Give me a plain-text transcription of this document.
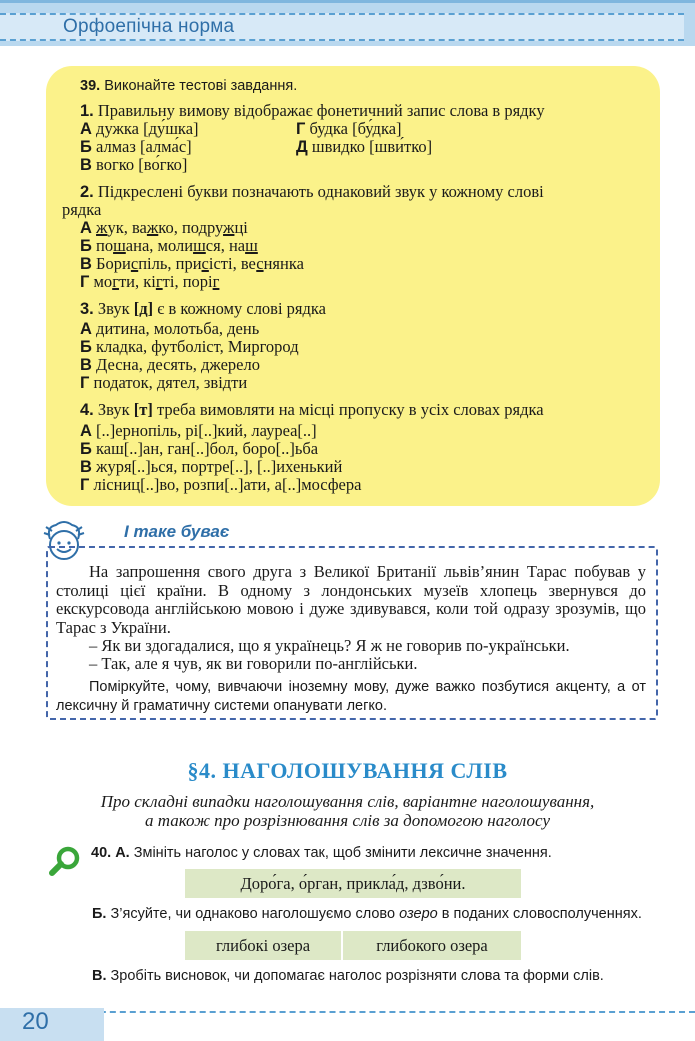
Орфоепічна норма
39. Виконайте тестові завдання.
1. Правильну вимову відображає фонетичний запис слова в рядку
А дужка [ду́шка]	Г будка [бу́дка]
Б алмаз [алма́с]	Д швидко [шви́тко]
В вогко [во́гко]
2. Підкреслені букви позначають однаковий звук у кожному слові
рядка
А жук, важко, подружці
Б пошана, молишся, наш
В Бориспіль, присісті, веснянка
Г могти, кігті, поріг
3. Звук [д] є в кожному слові рядка
А дитина, молотьба, день
Б кладка, футболіст, Миргород
В Десна, десять, джерело
Г податок, дятел, звідти
4. Звук [т] треба вимовляти на місці пропуску в усіх словах рядка
А [..]ернопіль, рі[..]кий, лауреа[..]
Б каш[..]ан, ган[..]бол, боро[..]ьба
В журя[..]ься, портре[..], [..]ихенький
Г лісниц[..]во, розпи[..]ати, а[..]мосфера
І таке буває
На запрошення свого друга з Великої Британії львів’янин Тарас побував у столиці цієї країни. В одному з лондонських музеїв хлопець звернувся до екскурсовода англійською мовою і дуже здивувався, коли той одразу зрозумів, що Тарас з України.
– Як ви здогадалися, що я українець? Я ж не говорив по-українськи.
– Так, але я чув, як ви говорили по-англійськи.
Поміркуйте, чому, вивчаючи іноземну мову, дуже важко позбутися акценту, а от лексичну й граматичну системи опанувати легко.
§4. НАГОЛОШУВАННЯ СЛІВ
Про складні випадки наголошування слів, варіантне наголошування,
а також про розрізнювання слів за допомогою наголосу
40. А. Змініть наголос у словах так, щоб змінити лексичне значення.
Доро́га, о́рган, прикла́д, дзво́ни.
Б. З’ясуйте, чи однаково наголошуємо слово озеро в поданих словосполученнях.
глибокі озера	глибокого озера
В. Зробіть висновок, чи допомагає наголос розрізняти слова та форми слів.
20
